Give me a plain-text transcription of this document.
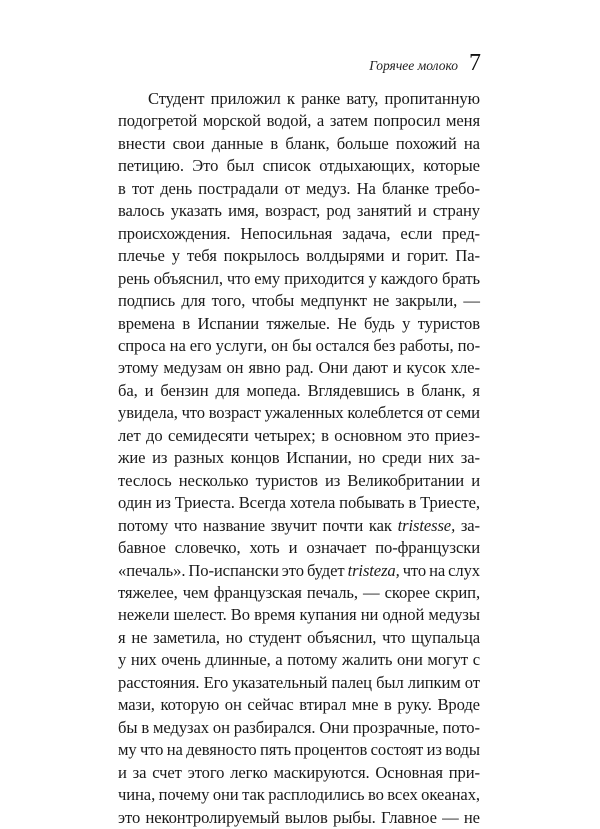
Горячее молоко 7
Студент приложил к ранке вату, пропитанную
подогретой морской водой, а затем попросил меня
внести свои данные в бланк, больше похожий на
петицию. Это был список отдыхающих, которые
в тот день пострадали от медуз. На бланке требо-
валось указать имя, возраст, род занятий и страну
происхождения. Непосильная задача, если пред-
плечье у тебя покрылось волдырями и горит. Па-
рень объяснил, что ему приходится у каждого брать
подпись для того, чтобы медпункт не закрыли, —
времена в Испании тяжелые. Не будь у туристов
спроса на его услуги, он бы остался без работы, по-
этому медузам он явно рад. Они дают и кусок хле-
ба, и бензин для мопеда. Вглядевшись в бланк, я
увидела, что возраст ужаленных колеблется от семи
лет до семидесяти четырех; в основном это приез-
жие из разных концов Испании, но среди них за-
теслось несколько туристов из Великобритании и
один из Триеста. Всегда хотела побывать в Триесте,
потому что название звучит почти как tristesse, за-
бавное словечко, хоть и означает по-французски
«печаль». По-испански это будет tristeza, что на слух
тяжелее, чем французская печаль, — скорее скрип,
нежели шелест. Во время купания ни одной медузы
я не заметила, но студент объяснил, что щупальца
у них очень длинные, а потому жалить они могут с
расстояния. Его указательный палец был липким от
мази, которую он сейчас втирал мне в руку. Вроде
бы в медузах он разбирался. Они прозрачные, пото-
му что на девяносто пять процентов состоят из воды
и за счет этого легко маскируются. Основная при-
чина, почему они так расплодились во всех океанах,
это неконтролируемый вылов рыбы. Главное — не
